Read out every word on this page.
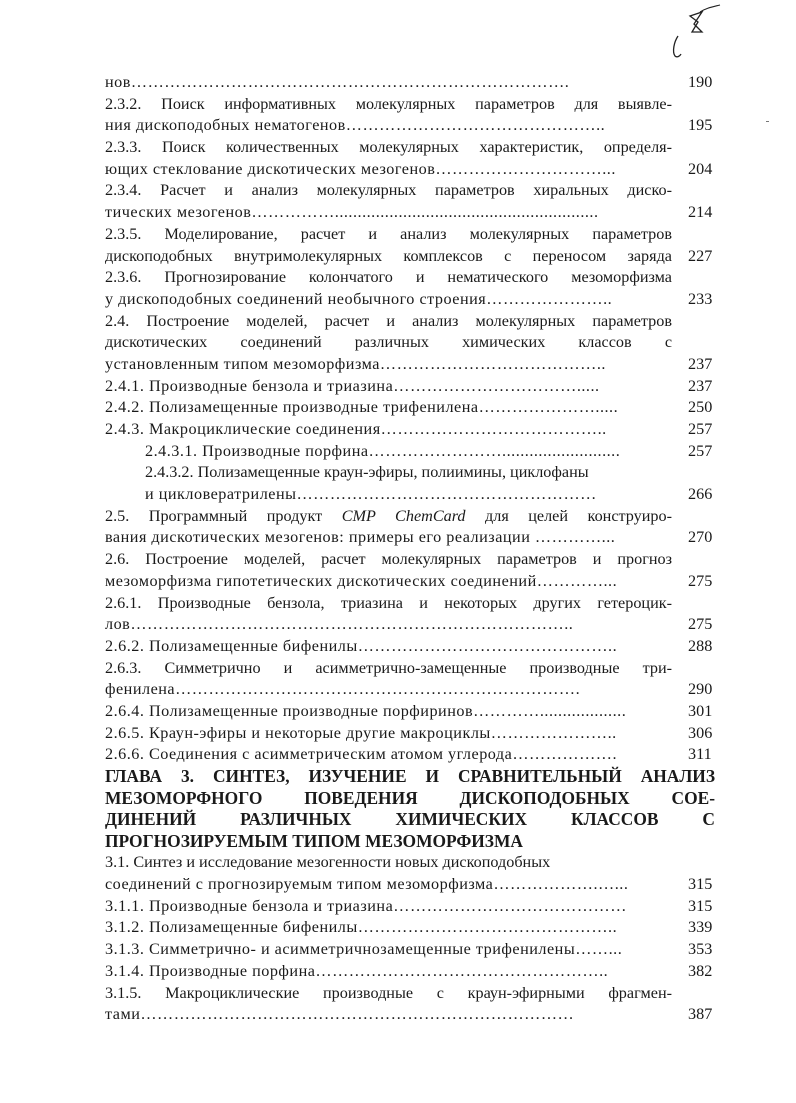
нов…………………………………………………………………….	190
2.3.2. Поиск информативных молекулярных параметров для выявле-
ния дископодобных нематогенов………………………………………..	195
2.3.3. Поиск количественных молекулярных характеристик, определя-
ющих стеклование дискотических мезогенов…………………………...	204
2.3.4. Расчет и анализ молекулярных параметров хиральных диско-
тических мезогенов……………..........................................................	214
2.3.5. Моделирование, расчет и анализ молекулярных параметров
дископодобных внутримолекулярных комплексов с переносом заряда 227
2.3.6. Прогнозирование колончатого и нематического мезоморфизма
у дископодобных соединений необычного строения…………………..	233
2.4. Построение моделей, расчет и анализ молекулярных параметров
дискотических соединений различных химических классов с
установленным типом мезоморфизма…………………………………..	237
2.4.1. Производные бензола и триазина…………………………….....	237
2.4.2. Полизамещенные производные трифенилена………………….....	250
2.4.3. Макроциклические соединения…………………………………..	257
2.4.3.1. Производные порфина……………………..........................	257
2.4.3.2. Полизамещенные краун-эфиры, полиимины, циклофаны
и цикловератрилены………………………………………………	266
2.5. Программный продукт CMP ChemCard для целей конструиро-
вания дискотических мезогенов: примеры его реализации …………...	270
2.6. Построение моделей, расчет молекулярных параметров и прогноз
мезоморфизма гипотетических дискотических соединений…………...	275
2.6.1. Производные бензола, триазина и некоторых других гетероцик-
лов……………………………………………………………………..	275
2.6.2. Полизамещенные бифенилы………………………………………..	288
2.6.3. Симметрично и асимметрично-замещенные производные три-
фенилена……………………………………………………………….	290
2.6.4. Полизамещенные производные порфиринов…………...................	301
2.6.5. Краун-эфиры и некоторые другие макроциклы…………………..	306
2.6.6. Соединения с асимметрическим атомом углерода……………….	311
ГЛАВА 3. СИНТЕЗ, ИЗУЧЕНИЕ И СРАВНИТЕЛЬНЫЙ АНАЛИЗ
МЕЗОМОРФНОГО ПОВЕДЕНИЯ ДИСКОПОДОБНЫХ СОЕ-
ДИНЕНИЙ РАЗЛИЧНЫХ ХИМИЧЕСКИХ КЛАССОВ С
ПРОГНОЗИРУЕМЫМ ТИПОМ МЕЗОМОРФИЗМА
3.1. Синтез и исследование мезогенности новых дископодобных
соединений с прогнозируемым типом мезоморфизма……………….…...	315
3.1.1. Производные бензола и триазина……………………………………	315
3.1.2. Полизамещенные бифенилы………………………………………..	339
3.1.3. Симметрично- и асимметричнозамещенные трифенилены……...	353
3.1.4. Производные порфина……………………………………………..	382
3.1.5. Макроциклические производные с краун-эфирными фрагмен-
тами……………………………………………………………………	387
